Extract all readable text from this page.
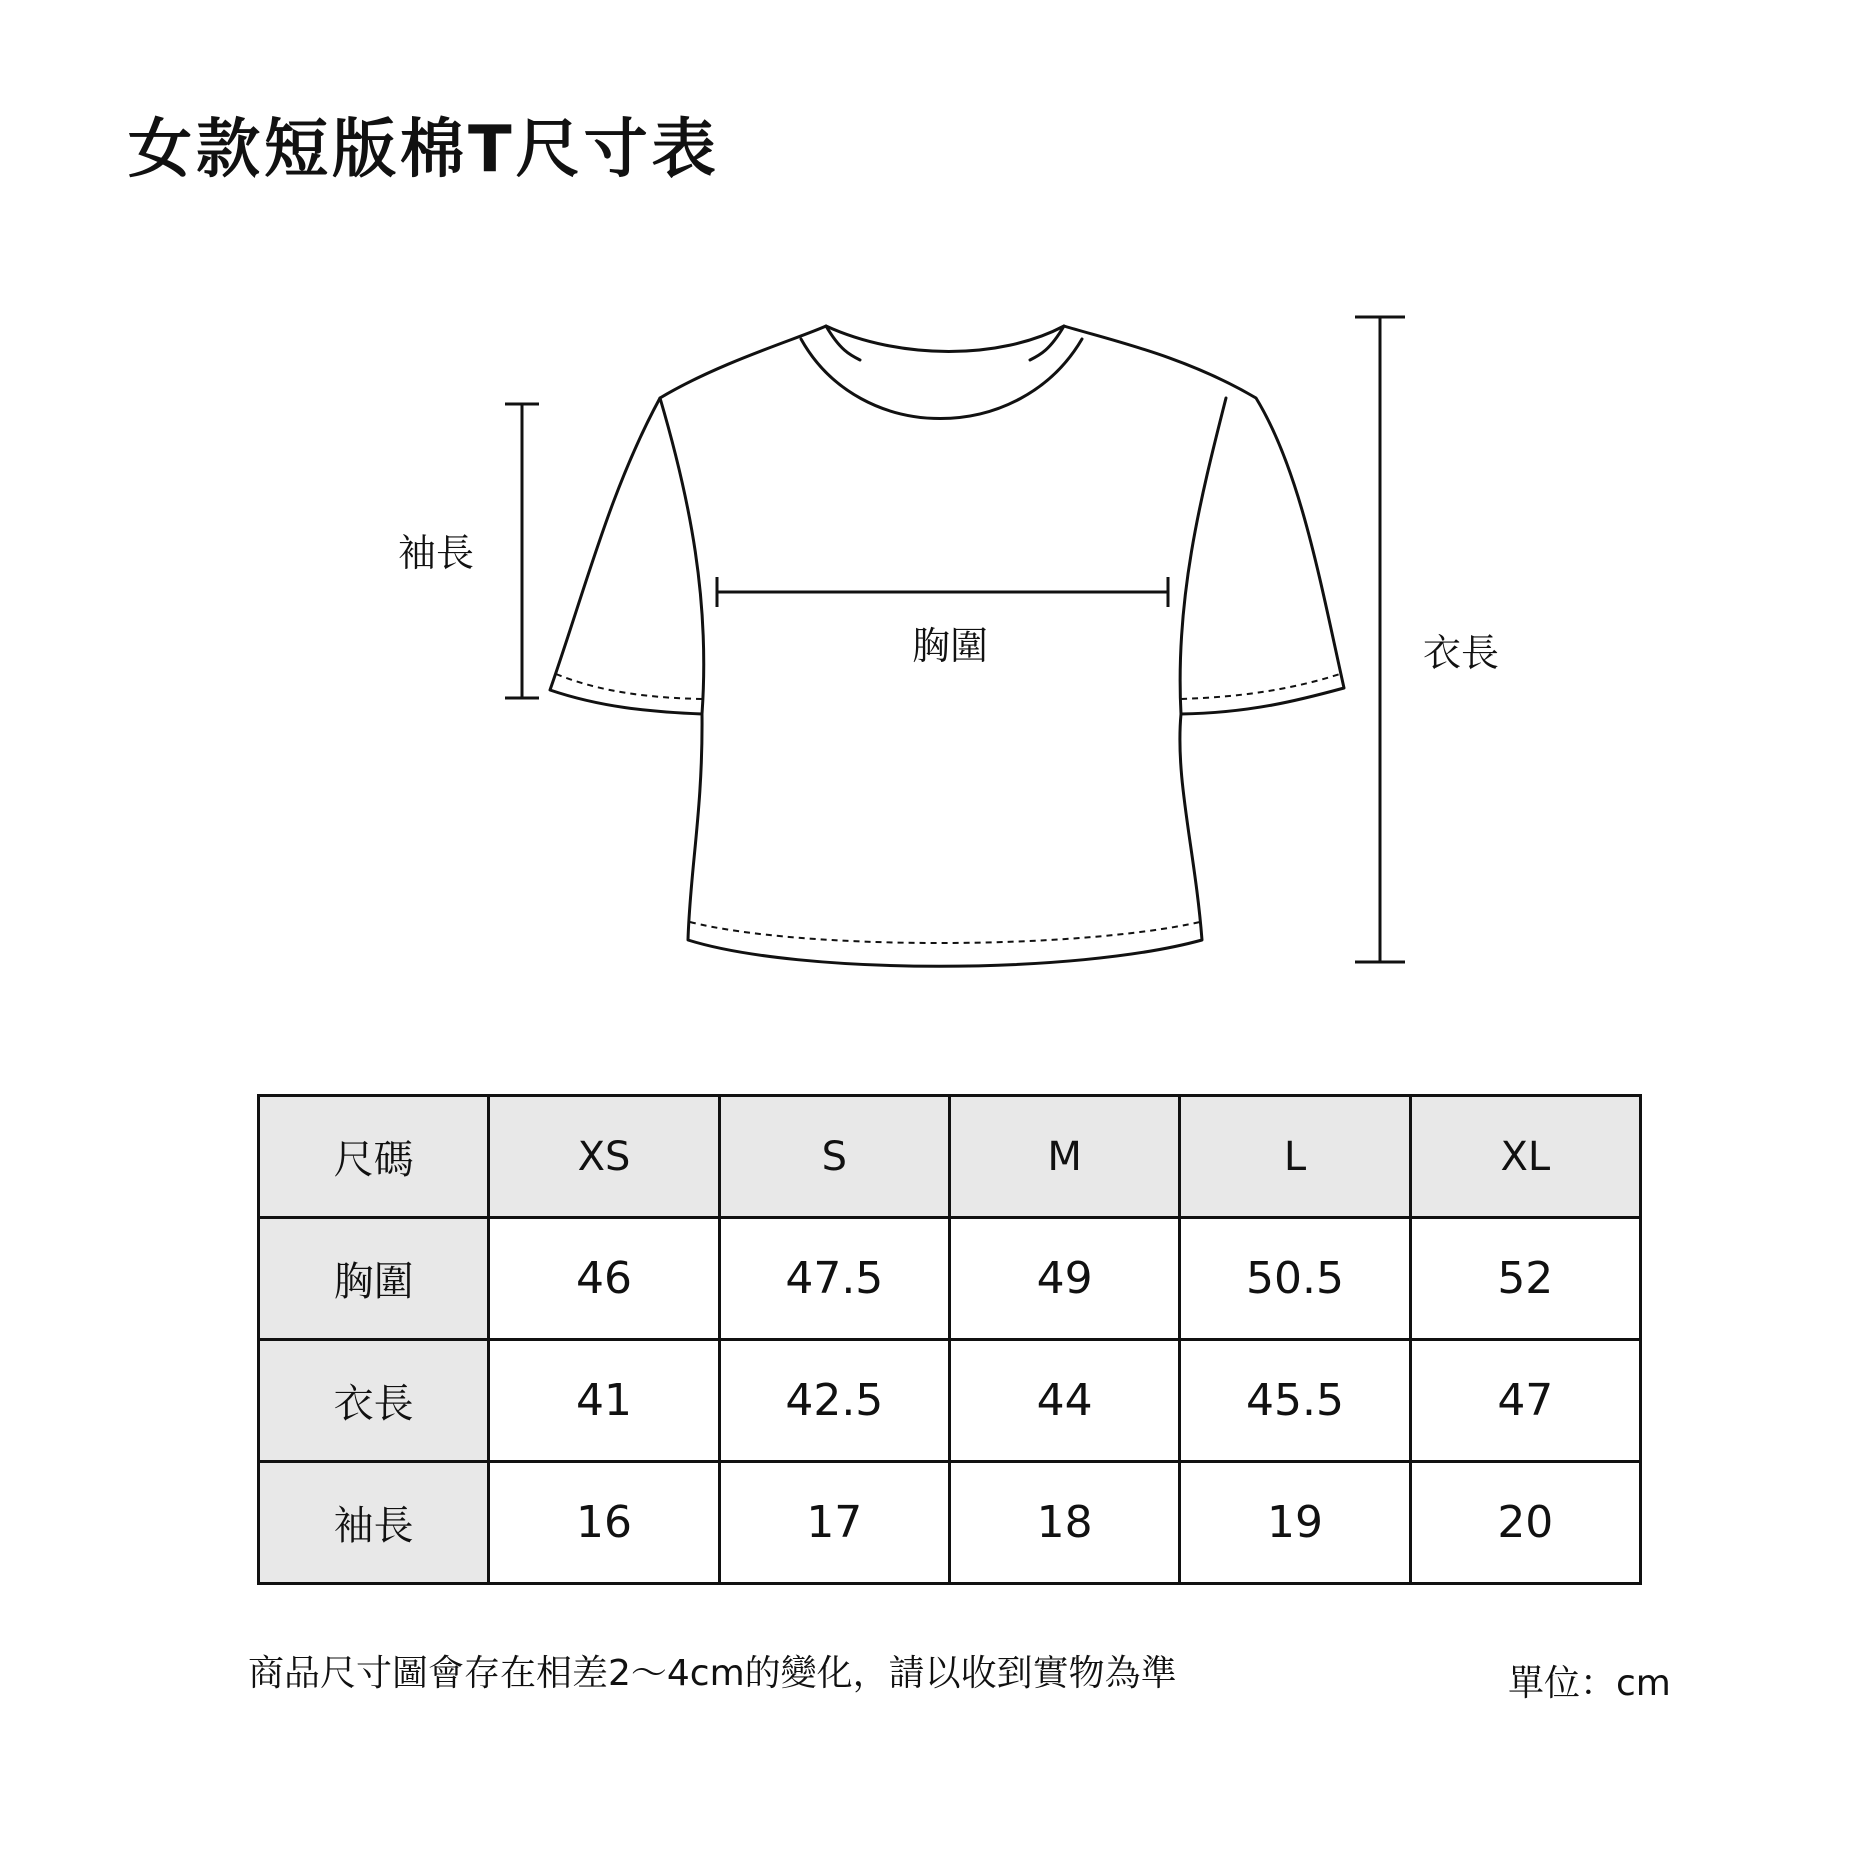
女款短版棉T尺寸表
袖長
胸圍	衣長
尺碼	XS	S	M	L	XL
胸圍	46	47.5	49	50.5	52
衣長	41	42.5	44	45.5	47
袖長	16	17	18	19	20
商品尺寸圖會存在相差2～4cm的變化，請以收到實物為準	單位：cm
